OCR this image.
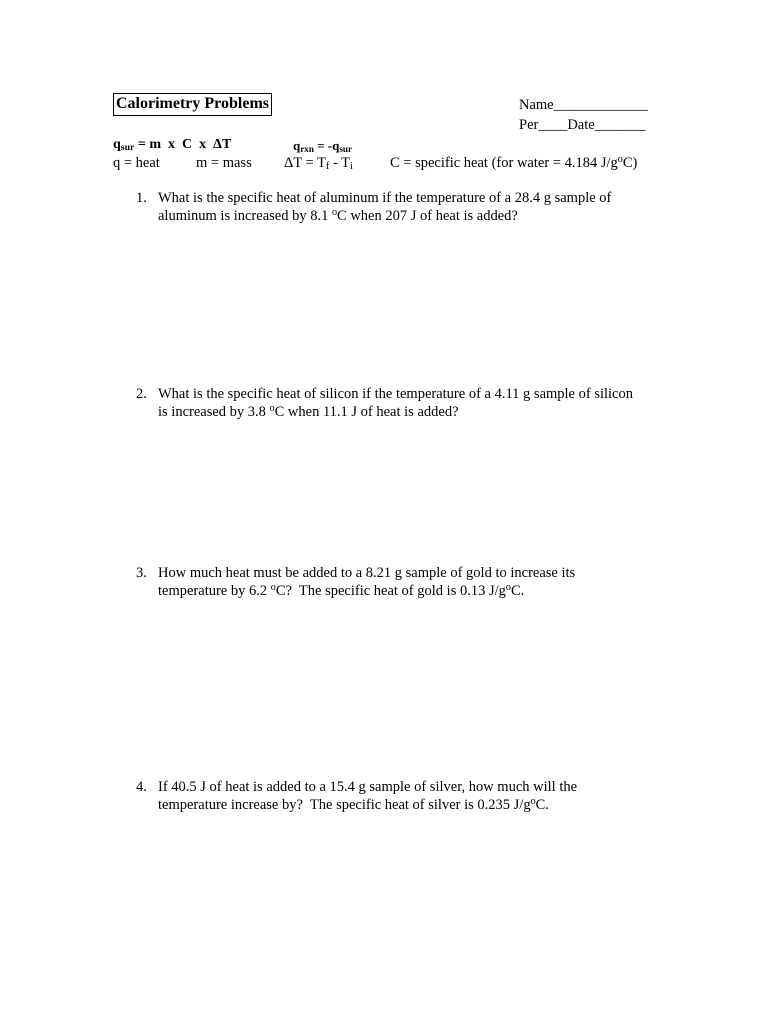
Calorimetry Problems	Name_____________
Per____Date_______
qsur = m  x  C  x  ΔT	$q_{rxn} = -q_{sur}$
q = heat m = mass ΔT = Tf - Ti	C = specific heat (for water = 4.184 $J/g^oC$)
1. What is the specific heat of aluminum if the temperature of a 28.4 g sample of
aluminum is increased by 8.1 $^o$C when 207 J of heat is added?
2. What is the specific heat of silicon if the temperature of a 4.11 g sample of silicon
is increased by 3.8 $^o$C when 11.1 J of heat is added?
3. How much heat must be added to a 8.21 g sample of gold to increase its
temperature by 6.2 $^o$C?  The specific heat of gold is 0.13 $J/g^oC$.
4. If 40.5 J of heat is added to a 15.4 g sample of silver, how much will the
temperature increase by?  The specific heat of silver is 0.235 $J/g^oC$.
